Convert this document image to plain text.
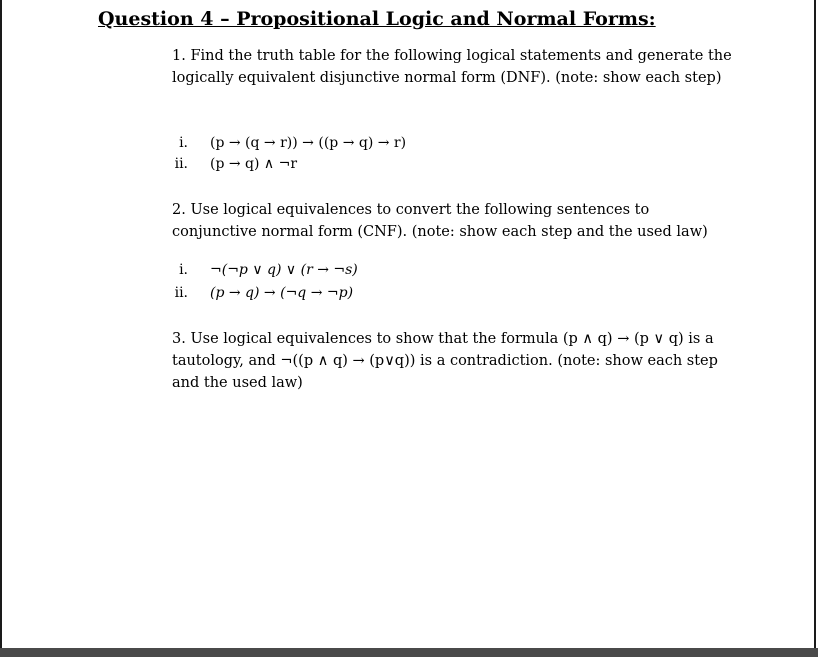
Question 4 – Propositional Logic and Normal Forms:
1. Find the truth table for the following logical statements and generate the logically equivalent disjunctive normal form (DNF). (note: show each step)
i. (p → (q → r)) → ((p → q) → r)
ii. (p → q) ∧ ¬r
2. Use logical equivalences to convert the following sentences to conjunctive normal form (CNF). (note: show each step and the used law)
i. ¬(¬p ∨ q) ∨ (r → ¬s)
ii. (p → q) → (¬q → ¬p)
3. Use logical equivalences to show that the formula (p ∧ q) → (p ∨ q) is a tautology, and ¬((p ∧ q) → (p∨q)) is a contradiction. (note: show each step and the used law)
